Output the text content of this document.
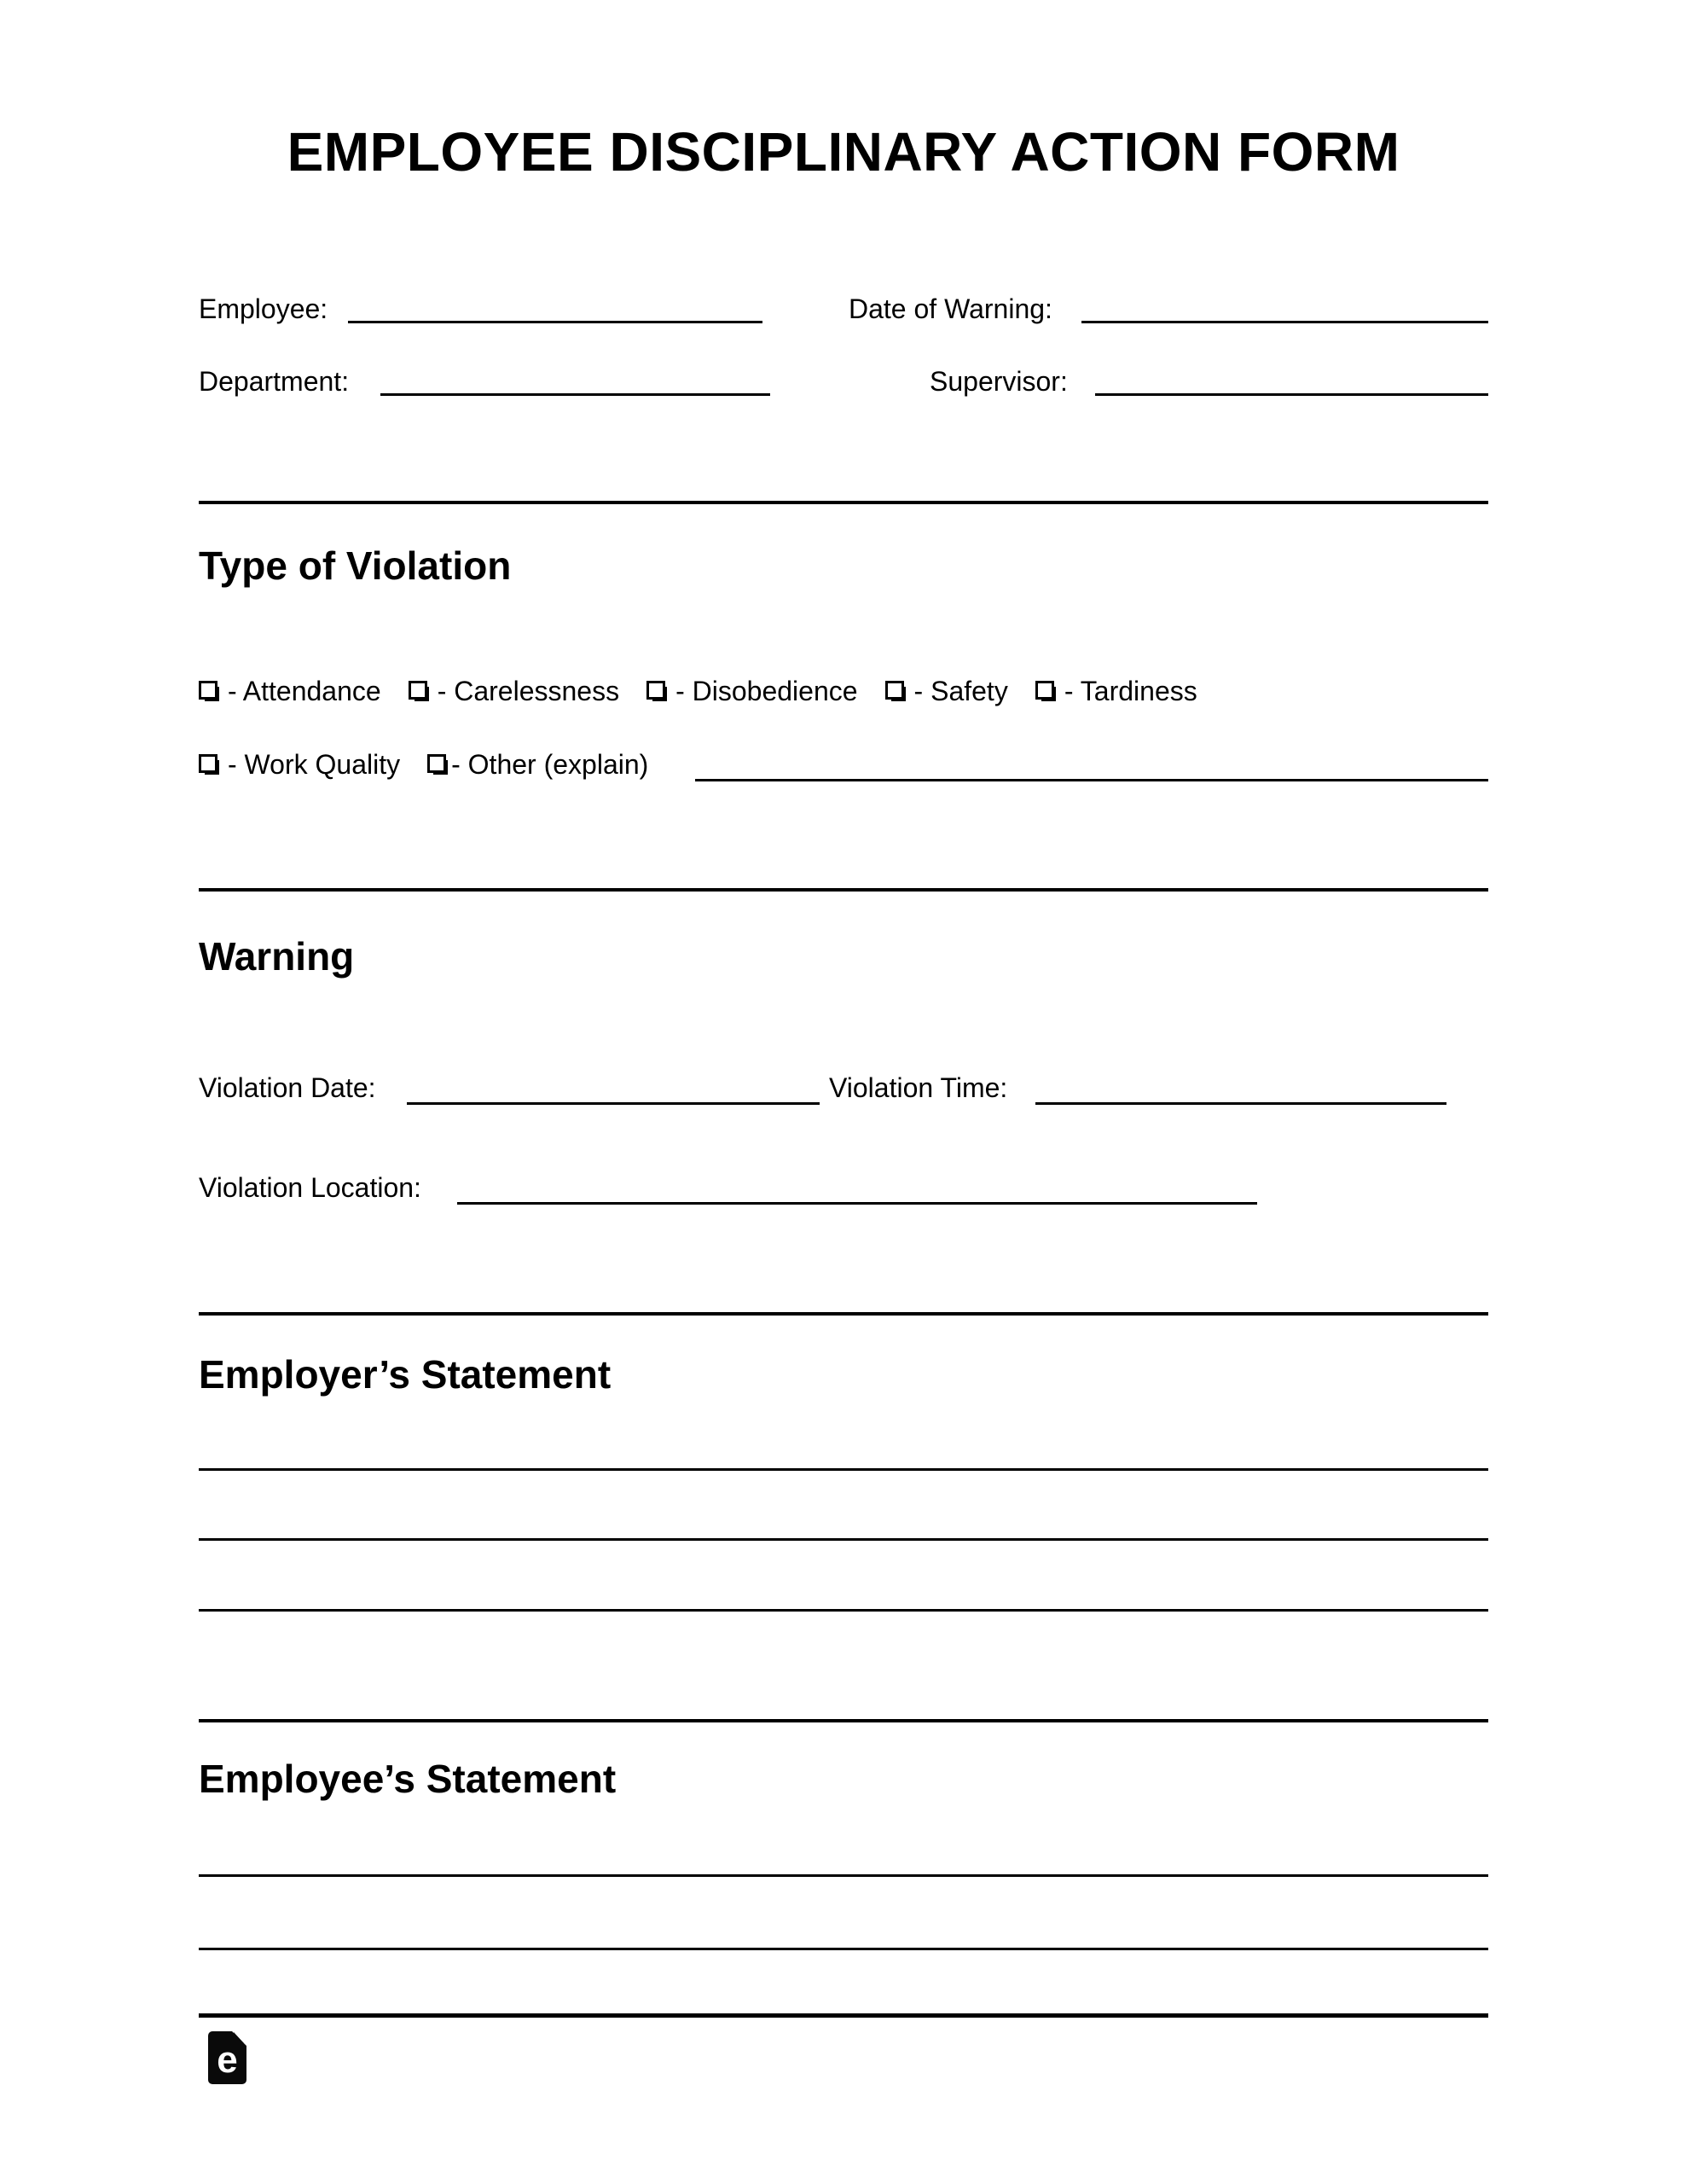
EMPLOYEE DISCIPLINARY ACTION FORM
Employee:	Date of Warning:
Department:	Supervisor:
Type of Violation
- Attendance - Carelessness - Disobedience - Safety - Tardiness
- Work Quality - Other (explain)
Warning
Violation Date:	Violation Time:
Violation Location:
Employer’s Statement
Employee’s Statement
e
